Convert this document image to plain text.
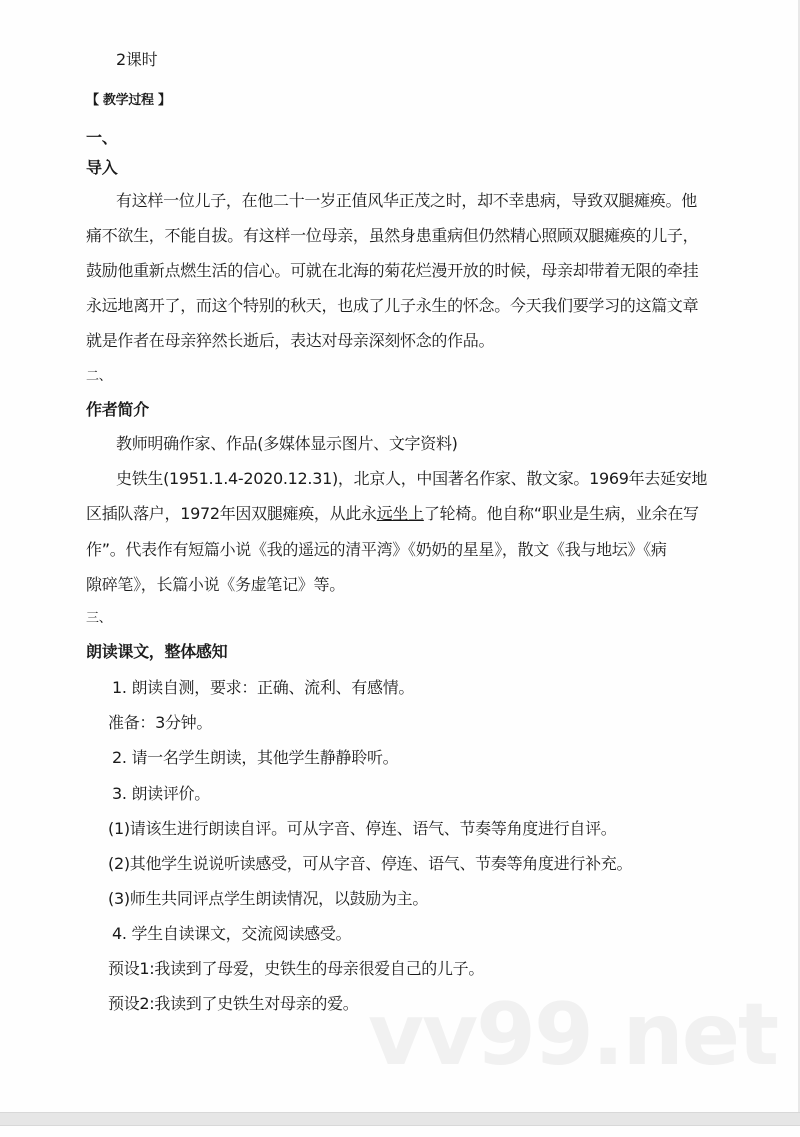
vv99.net
2课时
【 教学过程 】
一、
导入
有这样一位儿子，在他二十一岁正值风华正茂之时，却不幸患病，导致双腿瘫痪。他
痛不欲生，不能自拔。有这样一位母亲，虽然身患重病但仍然精心照顾双腿瘫痪的儿子，
鼓励他重新点燃生活的信心。可就在北海的菊花烂漫开放的时候，母亲却带着无限的牵挂
永远地离开了，而这个特别的秋天，也成了儿子永生的怀念。今天我们要学习的这篇文章
就是作者在母亲猝然长逝后，表达对母亲深刻怀念的作品。
二、
作者简介
教师明确作家、作品(多媒体显示图片、文字资料)
史铁生(1951.1.4-2020.12.31)，北京人，中国著名作家、散文家。1969年去延安地
区插队落户，1972年因双腿瘫痪，从此永远坐上了轮椅。他自称“职业是生病，业余在写
作”。代表作有短篇小说《我的遥远的清平湾》《奶奶的星星》，散文《我与地坛》《病
隙碎笔》，长篇小说《务虚笔记》等。
三、
朗读课文，整体感知
1. 朗读自测，要求：正确、流利、有感情。
准备：3分钟。
2. 请一名学生朗读，其他学生静静聆听。
3. 朗读评价。
(1)请该生进行朗读自评。可从字音、停连、语气、节奏等角度进行自评。
(2)其他学生说说听读感受，可从字音、停连、语气、节奏等角度进行补充。
(3)师生共同评点学生朗读情况，以鼓励为主。
4. 学生自读课文，交流阅读感受。
预设1:我读到了母爱，史铁生的母亲很爱自己的儿子。
预设2:我读到了史铁生对母亲的爱。
